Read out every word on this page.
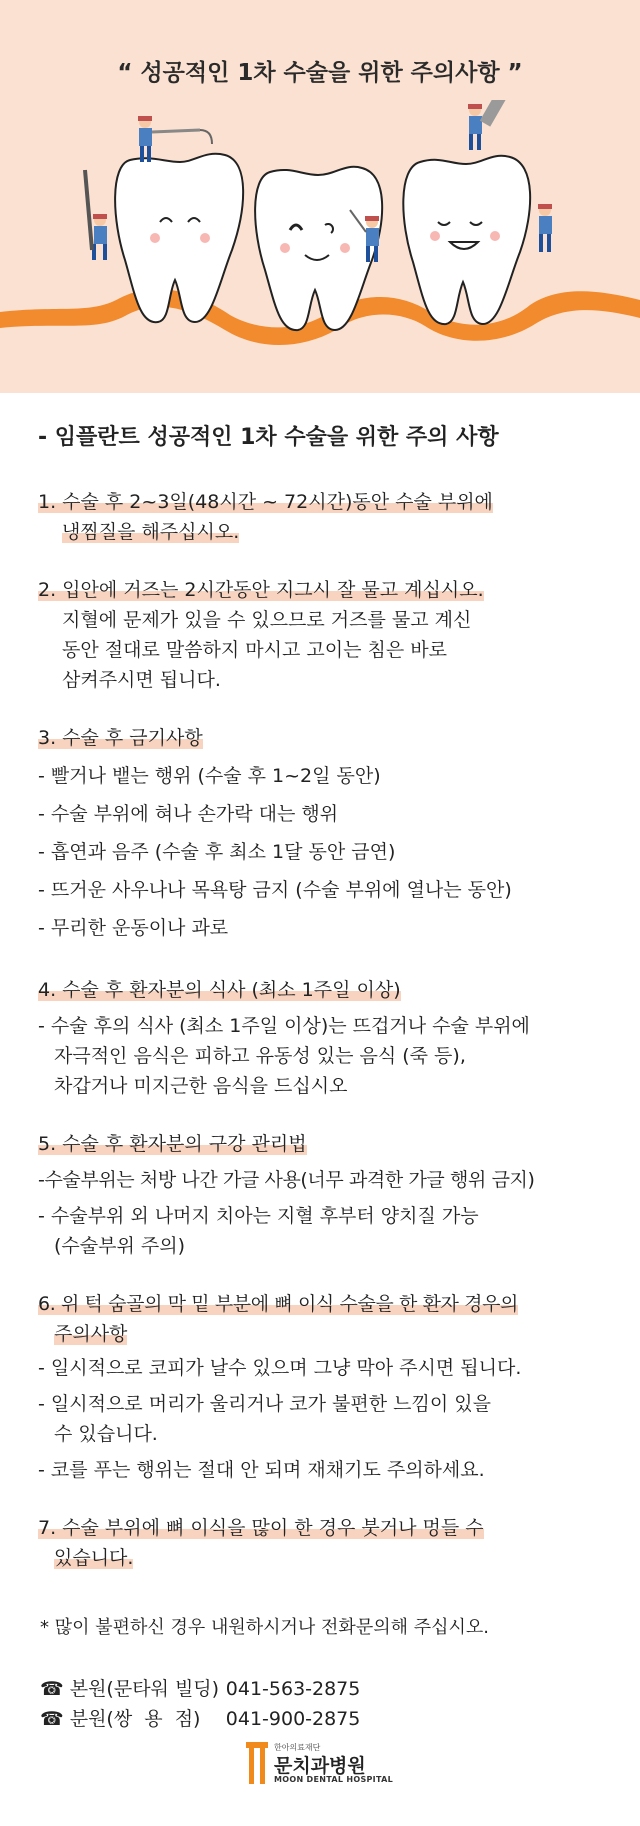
“ 성공적인 1차 수술을 위한 주의사항 ”
- 임플란트 성공적인 1차 수술을 위한 주의 사항
1. 수술 후 2~3일(48시간 ~ 72시간)동안 수술 부위에
냉찜질을 해주십시오.
2. 입안에 거즈는 2시간동안 지그시 잘 물고 계십시오.
지혈에 문제가 있을 수 있으므로 거즈를 물고 계신
동안 절대로 말씀하지 마시고 고이는 침은 바로
삼켜주시면 됩니다.
3. 수술 후 금기사항
- 빨거나 뱉는 행위 (수술 후 1~2일 동안)
- 수술 부위에 혀나 손가락 대는 행위
- 흡연과 음주 (수술 후 최소 1달 동안 금연)
- 뜨거운 사우나나 목욕탕 금지 (수술 부위에 열나는 동안)
- 무리한 운동이나 과로
4. 수술 후 환자분의 식사 (최소 1주일 이상)
- 수술 후의 식사 (최소 1주일 이상)는 뜨겁거나 수술 부위에
자극적인 음식은 피하고 유동성 있는 음식 (죽 등),
차갑거나 미지근한 음식을 드십시오
5. 수술 후 환자분의 구강 관리법
-수술부위는 처방 나간 가글 사용(너무 과격한 가글 행위 금지)
- 수술부위 외 나머지 치아는 지혈 후부터 양치질 가능
(수술부위 주의)
6. 위 턱 숨골의 막 밑 부분에 뼈 이식 수술을 한 환자 경우의
주의사항
- 일시적으로 코피가 날수 있으며 그냥 막아 주시면 됩니다.
- 일시적으로 머리가 울리거나 코가 불편한 느낌이 있을
수 있습니다.
- 코를 푸는 행위는 절대 안 되며 재채기도 주의하세요.
7. 수술 부위에 뼈 이식을 많이 한 경우 붓거나 멍들 수
있습니다.
* 많이 불편하신 경우 내원하시거나 전화문의해 주십시오.
☎ 본원(문타워 빌딩) 041-563-2875
☎ 분원(쌍  용  점) 041-900-2875
한아의료재단
문치과병원
MOON DENTAL HOSPITAL
